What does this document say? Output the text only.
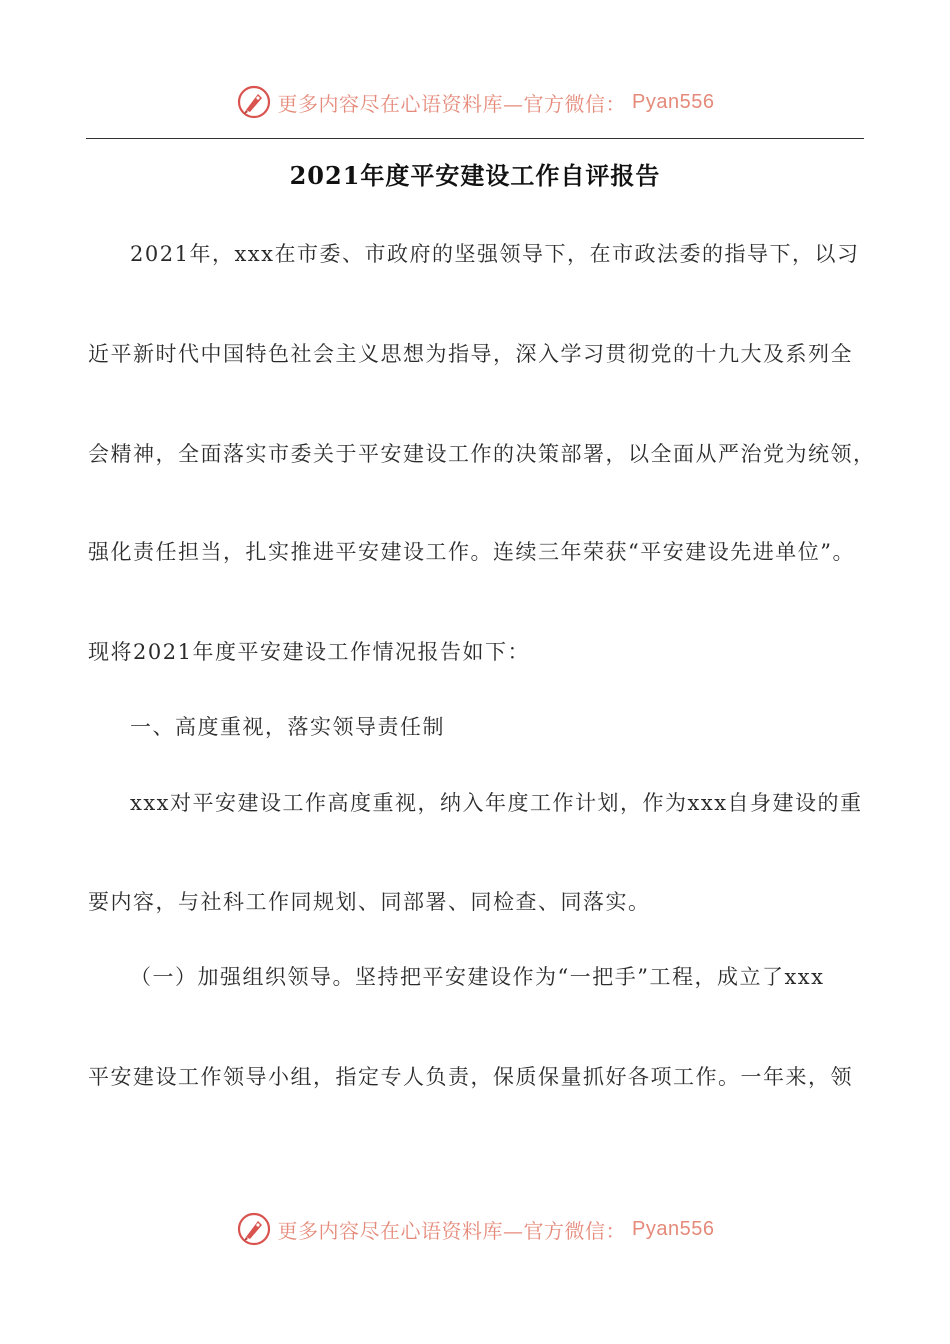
更多内容尽在心语资料库—官方微信： Pyan556
2021年度平安建设工作自评报告
2021年，xxx在市委、市政府的坚强领导下，在市政法委的指导下，以习
近平新时代中国特色社会主义思想为指导，深入学习贯彻党的十九大及系列全
会精神，全面落实市委关于平安建设工作的决策部署，以全面从严治党为统领，
强化责任担当，扎实推进平安建设工作。连续三年荣获“平安建设先进单位”。
现将2021年度平安建设工作情况报告如下：
一、高度重视，落实领导责任制
xxx对平安建设工作高度重视，纳入年度工作计划，作为xxx自身建设的重
要内容，与社科工作同规划、同部署、同检查、同落实。
（一）加强组织领导。坚持把平安建设作为“一把手”工程，成立了xxx
平安建设工作领导小组，指定专人负责，保质保量抓好各项工作。一年来，领
更多内容尽在心语资料库—官方微信： Pyan556
